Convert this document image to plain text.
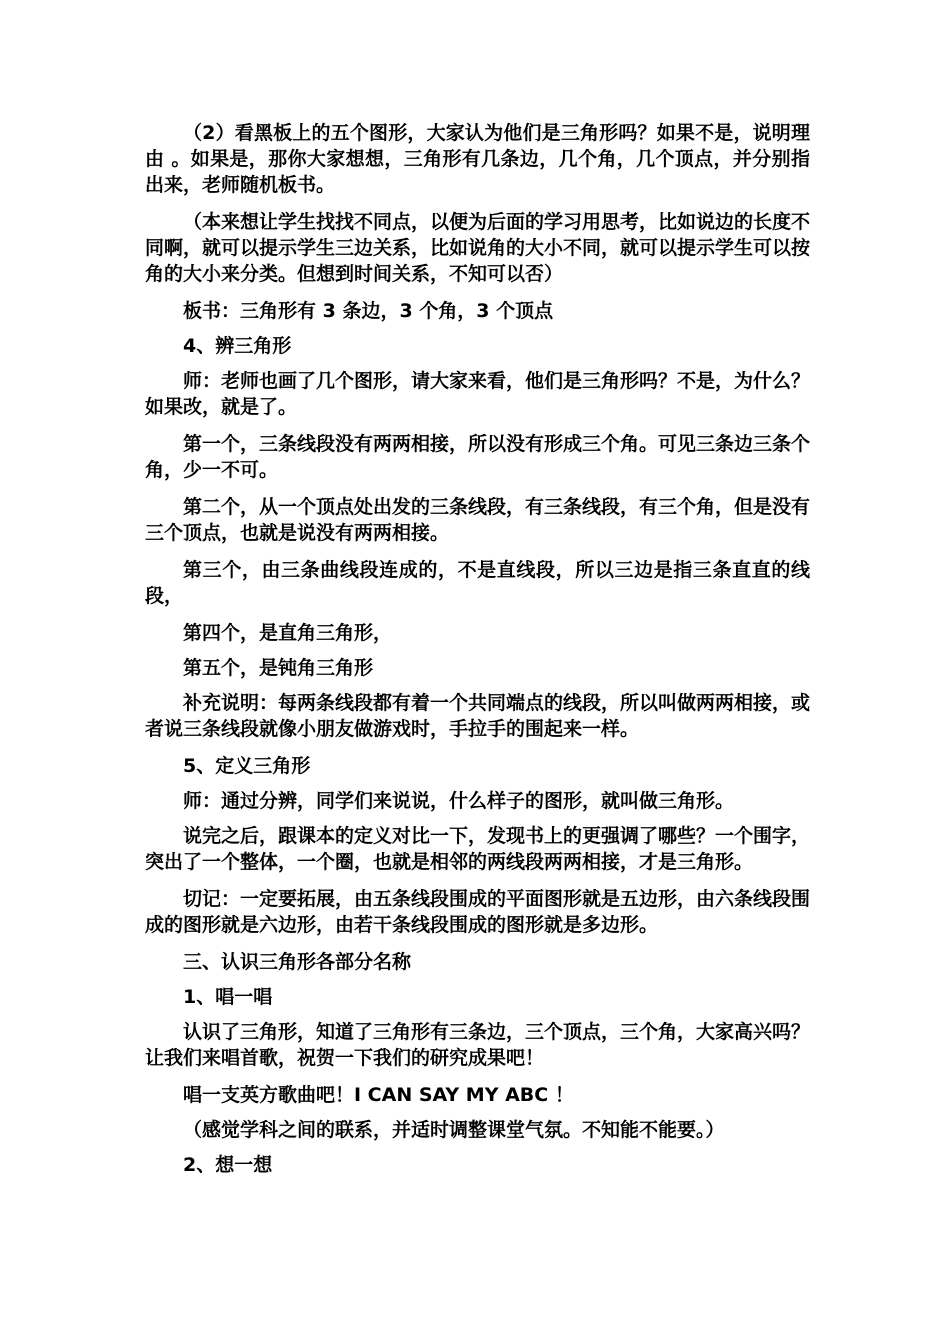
（2）看黑板上的五个图形，大家认为他们是三角形吗？如果不是，说明理由 。如果是，那你大家想想，三角形有几条边，几个角，几个顶点，并分别指出来，老师随机板书。

（本来想让学生找找不同点，以便为后面的学习用思考，比如说边的长度不同啊，就可以提示学生三边关系，比如说角的大小不同，就可以提示学生可以按角的大小来分类。但想到时间关系，不知可以否）

板书：三角形有 3 条边，3 个角，3 个顶点

4、辨三角形

师：老师也画了几个图形，请大家来看，他们是三角形吗？不是，为什么？如果改，就是了。

第一个，三条线段没有两两相接，所以没有形成三个角。可见三条边三条个角，少一不可。

第二个，从一个顶点处出发的三条线段，有三条线段，有三个角，但是没有三个顶点，也就是说没有两两相接。

第三个，由三条曲线段连成的，不是直线段，所以三边是指三条直直的线段，

第四个，是直角三角形，

第五个，是钝角三角形

补充说明：每两条线段都有着一个共同端点的线段，所以叫做两两相接，或者说三条线段就像小朋友做游戏时，手拉手的围起来一样。

5、定义三角形

师：通过分辨，同学们来说说，什么样子的图形，就叫做三角形。

说完之后，跟课本的定义对比一下，发现书上的更强调了哪些？一个围字，突出了一个整体，一个圈，也就是相邻的两线段两两相接，才是三角形。

切记：一定要拓展，由五条线段围成的平面图形就是五边形，由六条线段围成的图形就是六边形，由若干条线段围成的图形就是多边形。

三、认识三角形各部分名称

1、唱一唱

认识了三角形，知道了三角形有三条边，三个顶点，三个角，大家高兴吗？让我们来唱首歌，祝贺一下我们的研究成果吧！

唱一支英方歌曲吧！I CAN SAY MY ABC ！

（感觉学科之间的联系，并适时调整课堂气氛。不知能不能要。）

2、想一想
